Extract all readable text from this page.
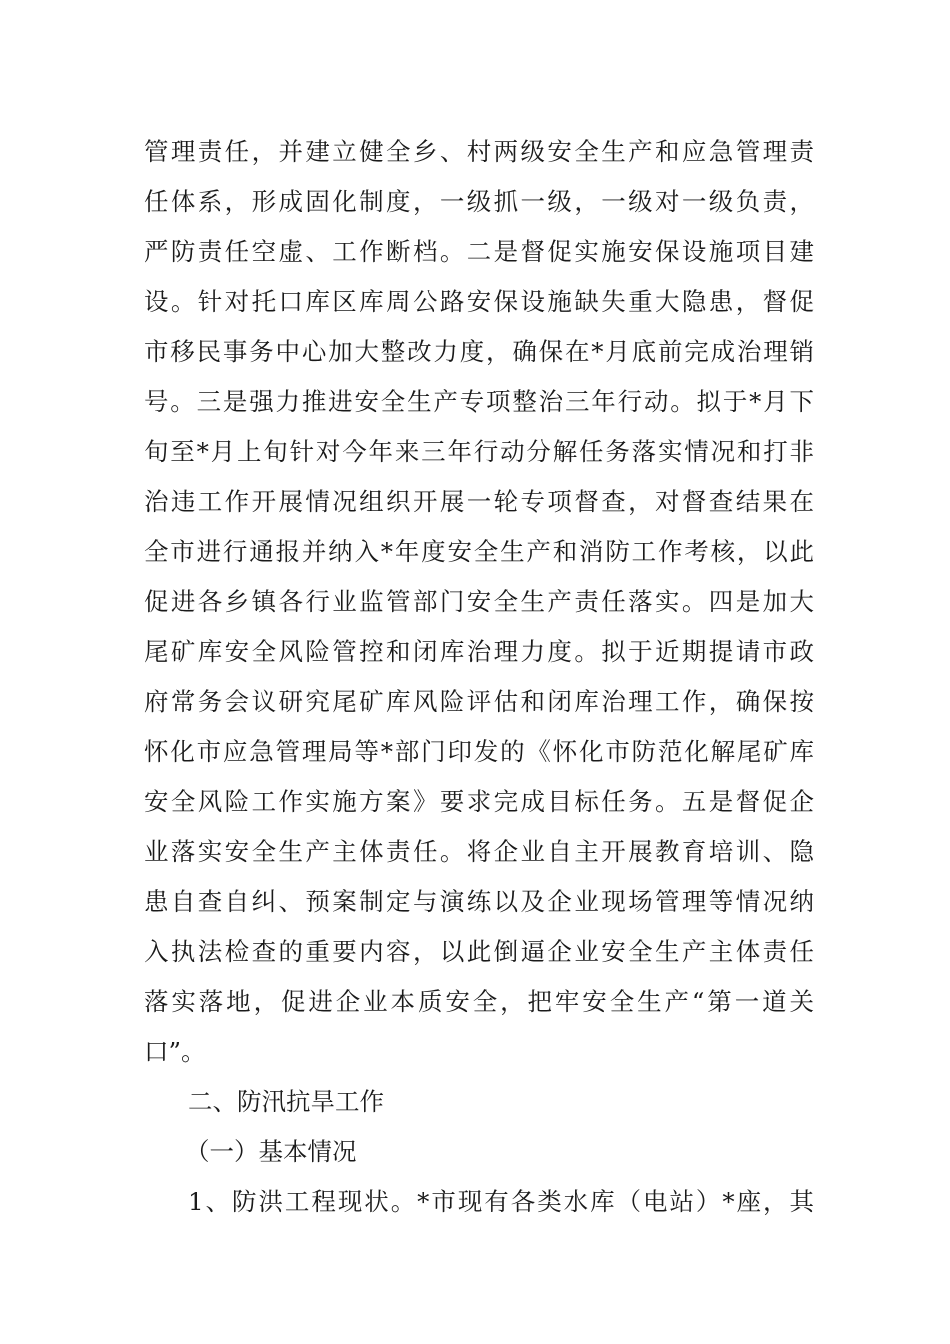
管理责任，并建立健全乡、村两级安全生产和应急管理责
任体系，形成固化制度，一级抓一级，一级对一级负责，
严防责任空虚、工作断档。二是督促实施安保设施项目建
设。针对托口库区库周公路安保设施缺失重大隐患，督促
市移民事务中心加大整改力度，确保在*月底前完成治理销
号。三是强力推进安全生产专项整治三年行动。拟于*月下
旬至*月上旬针对今年来三年行动分解任务落实情况和打非
治违工作开展情况组织开展一轮专项督查，对督查结果在
全市进行通报并纳入*年度安全生产和消防工作考核，以此
促进各乡镇各行业监管部门安全生产责任落实。四是加大
尾矿库安全风险管控和闭库治理力度。拟于近期提请市政
府常务会议研究尾矿库风险评估和闭库治理工作，确保按
怀化市应急管理局等*部门印发的《怀化市防范化解尾矿库
安全风险工作实施方案》要求完成目标任务。五是督促企
业落实安全生产主体责任。将企业自主开展教育培训、隐
患自查自纠、预案制定与演练以及企业现场管理等情况纳
入执法检查的重要内容，以此倒逼企业安全生产主体责任
落实落地，促进企业本质安全，把牢安全生产“第一道关
口”。
二、防汛抗旱工作
（一）基本情况
1、防洪工程现状。*市现有各类水库（电站）*座，其
